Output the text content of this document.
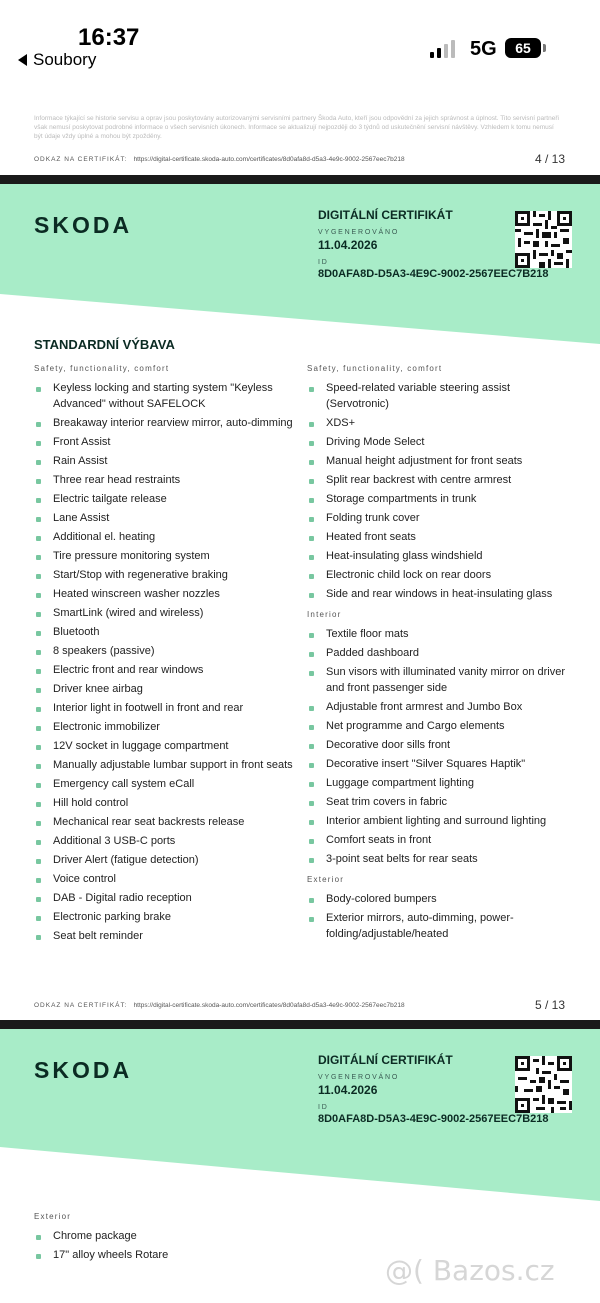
16:37
Soubory	5G	65
Informace týkající se historie servisu a oprav jsou poskytovány autorizovanými servisními partnery Škoda Auto, kteří jsou odpovědní za jejich správnost a úplnost. Tito servisní partneři však nemusí poskytovat podrobné informace o všech servisních úkonech. Informace se aktualizují nejpozději do 3 týdnů od uskutečnění servisní návštěvy. Vzhledem k tomu nemusí být údaje vždy úplné a mohou být zpožděny.
ODKAZ NA CERTIFIKÁT: https://digital-certificate.skoda-auto.com/certificates/8d0afa8d-d5a3-4e9c-9002-2567eec7b218	4 / 13
SKODA	DIGITÁLNÍ CERTIFIKÁT
VYGENEROVÁNO
11.04.2026
ID
8D0AFA8D-D5A3-4E9C-9002-2567EEC7B218
STANDARDNÍ VÝBAVA
Safety, functionality, comfort
Keyless locking and starting system "Keyless Advanced" without SAFELOCK
Breakaway interior rearview mirror, auto-dimming
Front Assist
Rain Assist
Three rear head restraints
Electric tailgate release
Lane Assist
Additional el. heating
Tire pressure monitoring system
Start/Stop with regenerative braking
Heated winscreen washer nozzles
SmartLink (wired and wireless)
Bluetooth
8 speakers (passive)
Electric front and rear windows
Driver knee airbag
Interior light in footwell in front and rear
Electronic immobilizer
12V socket in luggage compartment
Manually adjustable lumbar support in front seats
Emergency call system eCall
Hill hold control
Mechanical rear seat backrests release
Additional 3 USB-C ports
Driver Alert (fatigue detection)
Voice control
DAB - Digital radio reception
Electronic parking brake
Seat belt reminder
Safety, functionality, comfort
Speed-related variable steering assist (Servotronic)
XDS+
Driving Mode Select
Manual height adjustment for front seats
Split rear backrest with centre armrest
Storage compartments in trunk
Folding trunk cover
Heated front seats
Heat-insulating glass windshield
Electronic child lock on rear doors
Side and rear windows in heat-insulating glass
Interior
Textile floor mats
Padded dashboard
Sun visors with illuminated vanity mirror on driver and front passenger side
Adjustable front armrest and Jumbo Box
Net programme and Cargo elements
Decorative door sills front
Decorative insert "Silver Squares Haptik"
Luggage compartment lighting
Seat trim covers in fabric
Interior ambient lighting and surround lighting
Comfort seats in front
3-point seat belts for rear seats
Exterior
Body-colored bumpers
Exterior mirrors, auto-dimming, power-folding/adjustable/heated
ODKAZ NA CERTIFIKÁT: https://digital-certificate.skoda-auto.com/certificates/8d0afa8d-d5a3-4e9c-9002-2567eec7b218	5 / 13
SKODA	DIGITÁLNÍ CERTIFIKÁT
VYGENEROVÁNO
11.04.2026
ID
8D0AFA8D-D5A3-4E9C-9002-2567EEC7B218
Exterior
Chrome package
17" alloy wheels Rotare	@( Bazos.cz
